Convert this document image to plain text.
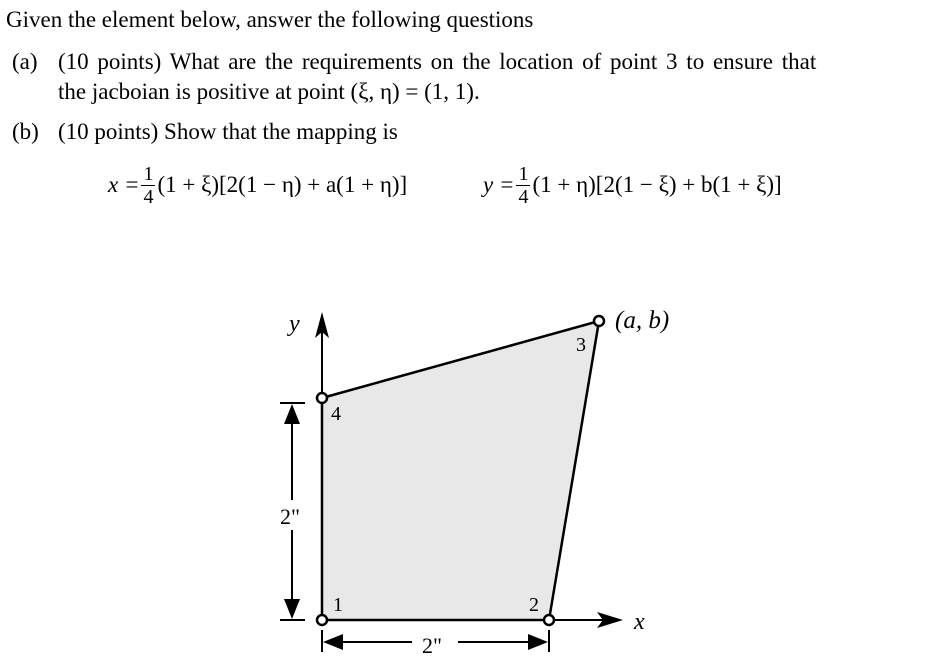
Given the element below, answer the following questions
(a) (10 points) What are the requirements on the location of point 3 to ensure that
the jacboian is positive at point (ξ, η) = (1, 1).
(b) (10 points) Show that the mapping is
$x = \frac{1}{4} (1 + \xi)[2(1 - \eta) + a(1 + \eta)]$	$y = \frac{1}{4} (1 + \eta)[2(1 - \xi) + b(1 + \xi)]$
1	2
3
4
(a, b)
y
x
2"
2"
